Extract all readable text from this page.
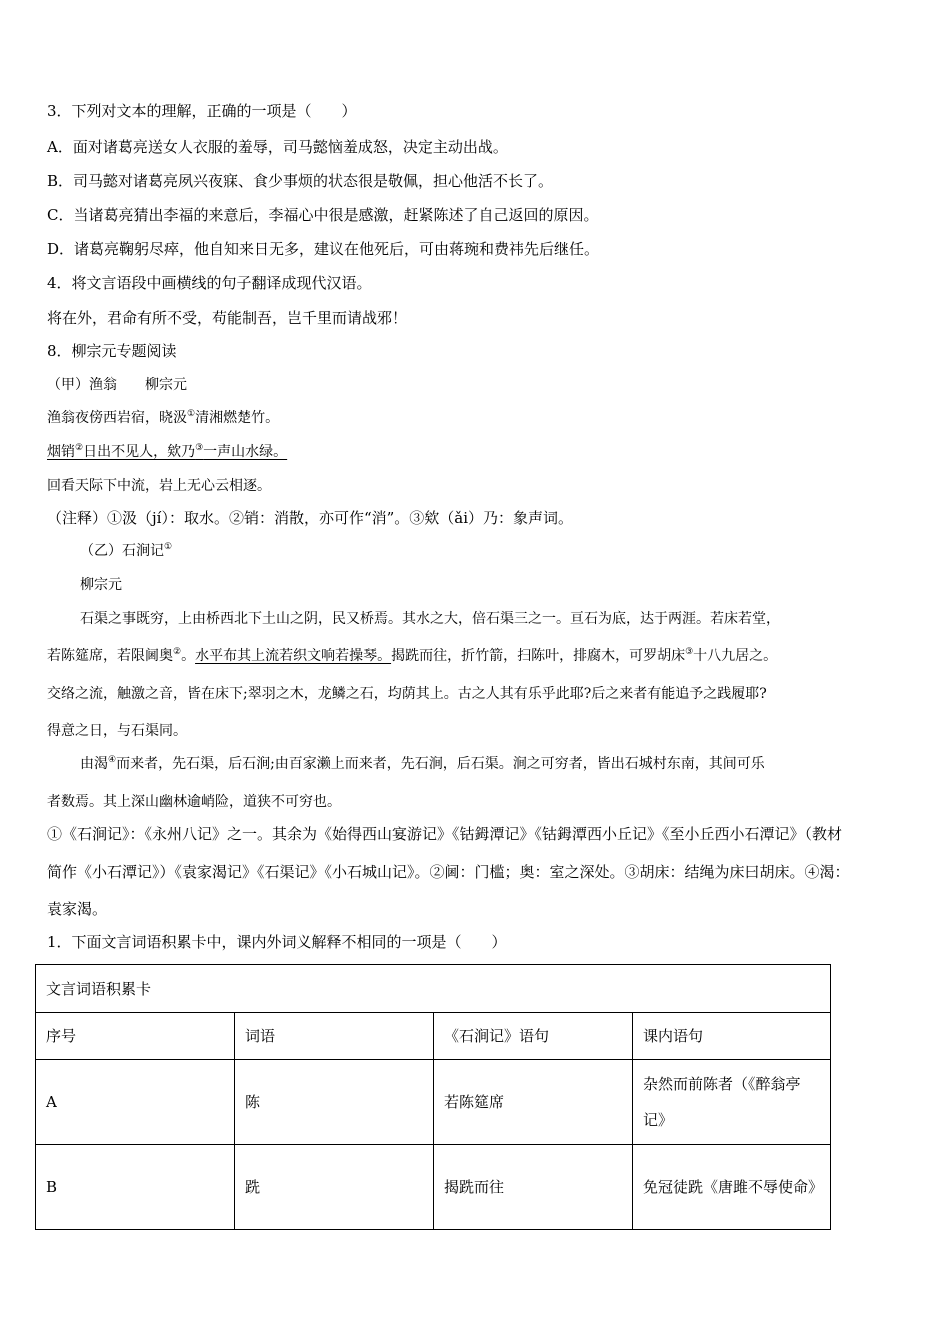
3．下列对文本的理解，正确的一项是（　　）
A．面对诸葛亮送女人衣服的羞辱，司马懿恼羞成怒，决定主动出战。
B．司马懿对诸葛亮夙兴夜寐、食少事烦的状态很是敬佩，担心他活不长了。
C．当诸葛亮猜出李福的来意后，李福心中很是感激，赶紧陈述了自己返回的原因。
D．诸葛亮鞠躬尽瘁，他自知来日无多，建议在他死后，可由蒋琬和费祎先后继任。
4．将文言语段中画横线的句子翻译成现代汉语。
将在外，君命有所不受，苟能制吾，岂千里而请战邪！
8．柳宗元专题阅读
（甲）渔翁　　柳宗元
渔翁夜傍西岩宿，晓汲①清湘燃楚竹。
烟销②日出不见人，欸乃③一声山水绿。
回看天际下中流，岩上无心云相逐。
（注释）①汲（jí）：取水。②销：消散，亦可作“消”。③欸（ǎi）乃：象声词。
（乙）石涧记①
柳宗元
石渠之事既穷，上由桥西北下土山之阴，民又桥焉。其水之大，倍石渠三之一。亘石为底，达于两涯。若床若堂，
若陈筵席，若限阃奥②。水平布其上流若织文响若操琴。揭跣而往，折竹箭，扫陈叶，排腐木，可罗胡床③十八九居之。
交络之流，触激之音，皆在床下;翠羽之木，龙鳞之石，均荫其上。古之人其有乐乎此耶?后之来者有能追予之践履耶?
得意之日，与石渠同。
由渴④而来者，先石渠，后石涧;由百家濑上而来者，先石涧，后石渠。涧之可穷者，皆出石城村东南，其间可乐
者数焉。其上深山幽林逾峭险，道狭不可穷也。
①《石涧记》：《永州八记》之一。其余为《始得西山宴游记》《钴鉧潭记》《钴鉧潭西小丘记》《至小丘西小石潭记》（教材
简作《小石潭记》）《袁家渴记》《石渠记》《小石城山记》。②阃：门槛；奥：室之深处。③胡床：结绳为床曰胡床。④渴：
袁家渴。
1．下面文言词语积累卡中，课内外词义解释不相同的一项是（　　）
文言词语积累卡			
序号	词语	《石涧记》语句	课内语句
A	陈	若陈筵席	杂然而前陈者（《醉翁亭记》
B	跣	揭跣而往	免冠徒跣《唐雎不辱使命》
